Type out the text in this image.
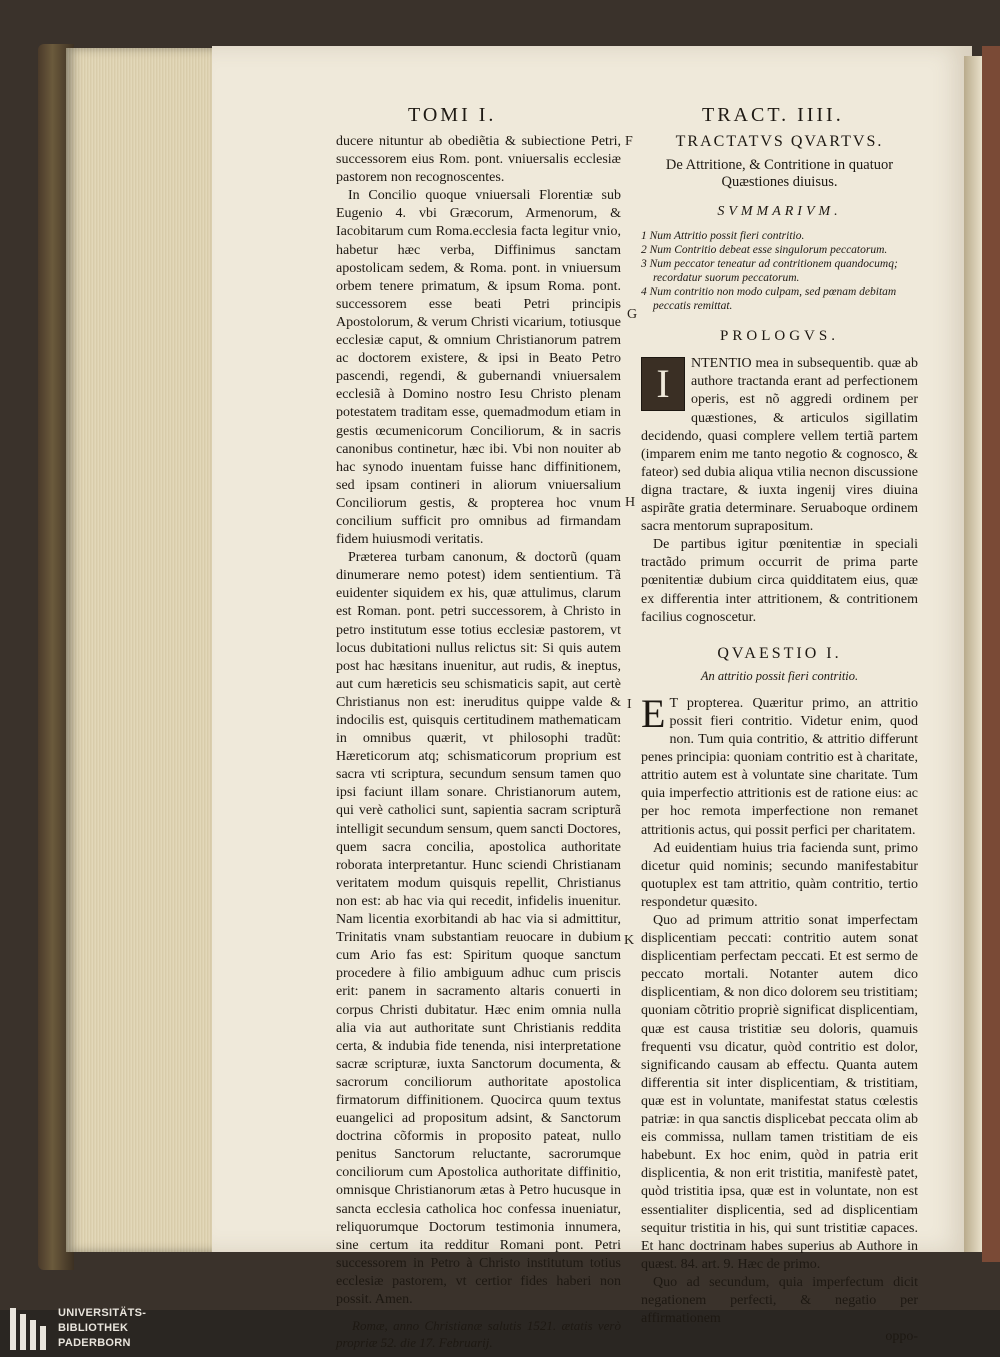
TOMI I.	TRACT. IIII.

ducere nituntur ab obediẽtia & subiectione Petri, successorem eius Rom. pont. vniuersalis ecclesiæ pastorem non recognoscentes.

In Concilio quoque vniuersali Florentiæ sub Eugenio 4. vbi Græcorum, Armenorum, & Iacobitarum cum Roma.ecclesia facta legitur vnio, habetur hæc verba, Diffinimus sanctam apostolicam sedem, & Roma. pont. in vniuersum orbem tenere primatum, & ipsum Roma. pont. successorem esse beati Petri principis Apostolorum, & verum Christi vicarium, totiusque ecclesiæ caput, & omnium Christianorum patrem ac doctorem existere, & ipsi in Beato Petro pascendi, regendi, & gubernandi vniuersalem ecclesiã à Domino nostro Iesu Christo plenam potestatem traditam esse, quemadmodum etiam in gestis œcumenicorum Conciliorum, & in sacris canonibus continetur, hæc ibi. Vbi non nouiter ab hac synodo inuentam fuisse hanc diffinitionem, sed ipsam contineri in aliorum vniuersalium Conciliorum gestis, & propterea hoc vnum concilium sufficit pro omnibus ad firmandam fidem huiusmodi veritatis.

Præterea turbam canonum, & doctorũ (quam dinumerare nemo potest) idem sentientium. Tã euidenter siquidem ex his, quæ attulimus, clarum est Roman. pont. petri successorem, à Christo in petro institutum esse totius ecclesiæ pastorem, vt locus dubitationi nullus relictus sit: Si quis autem post hac hæsitans inuenitur, aut rudis, & ineptus, aut cum hæreticis seu schismaticis sapit, aut certè Christianus non est: ineruditus quippe valde & indocilis est, quisquis certitudinem mathematicam in omnibus quærit, vt philosophi tradũt: Hæreticorum atq; schismaticorum proprium est sacra vti scriptura, secundum sensum tamen quo ipsi faciunt illam sonare. Christianorum autem, qui verè catholici sunt, sapientia sacram scripturã intelligit secundum sensum, quem sancti Doctores, quem sacra concilia, apostolica authoritate roborata interpretantur. Hunc sciendi Christianam veritatem modum quisquis repellit, Christianus non est: ab hac via qui recedit, infidelis inuenitur. Nam licentia exorbitandi ab hac via si admittitur, Trinitatis vnam substantiam reuocare in dubium cum Ario fas est: Spiritum quoque sanctum procedere à filio ambiguum adhuc cum priscis erit: panem in sacramento altaris conuerti in corpus Christi dubitatur. Hæc enim omnia nulla alia via aut authoritate sunt Christianis reddita certa, & indubia fide tenenda, nisi interpretatione sacræ scripturæ, iuxta Sanctorum documenta, & sacrorum conciliorum authoritate apostolica firmatorum diffinitionem. Quocirca quum textus euangelici ad propositum adsint, & Sanctorum doctrina cõformis in proposito pateat, nullo penitus Sanctorum reluctante, sacrorumque conciliorum cum Apostolica authoritate diffinitio, omnisque Christianorum ætas à Petro hucusque in sancta ecclesia catholica hoc confessa inueniatur, reliquorumque Doctorum testimonia innumera, sine certum ita redditur Romani pont. Petri successorem in Petro à Christo institutum totius ecclesiæ pastorem, vt certior fides haberi non possit. Amen.

Romæ, anno Christianæ salutis 1521. ætatis verò propriæ 52. die 17. Februarij.

F
G
H
I
K

TRACTATVS QVARTVS.

De Attritione, & Contritione in quatuor Quæstiones diuisus.

SVMMARIVM.

1 Num Attritio possit fieri contritio.

2 Num Contritio debeat esse singulorum peccatorum.

3 Num peccator teneatur ad contritionem quandocumq; recordatur suorum peccatorum.

4 Num contritio non modo culpam, sed pœnam debitam peccatis remittat.

PROLOGVS.

I	NTENTIO mea in subsequentib. quæ ab authore tractanda erant ad perfectionem operis, est nõ aggredi ordinem per quæstiones, & articulos sigillatim decidendo, quasi complere vellem tertiã partem (imparem enim me tanto negotio & cognosco, & fateor) sed dubia aliqua vtilia necnon discussione digna tractare, & iuxta ingenij vires diuina aspirãte gratia determinare. Seruaboque ordinem sacra mentorum suprapositum.

De partibus igitur pœnitentiæ in speciali tractãdo primum occurrit de prima parte pœnitentiæ dubium circa quidditatem eius, quæ ex differentia inter attritionem, & contritionem facilius cognoscetur.

QVAESTIO I.

An attritio possit fieri contritio.

E T propterea. Quæritur primo, an attritio possit fieri contritio. Videtur enim, quod non. Tum quia contritio, & attritio differunt penes principia: quoniam contritio est à charitate, attritio autem est à voluntate sine charitate. Tum quia imperfectio attritionis est de ratione eius: ac per hoc remota imperfectione non remanet attritionis actus, qui possit perfici per charitatem.

Ad euidentiam huius tria facienda sunt, primo dicetur quid nominis; secundo manifestabitur quotuplex est tam attritio, quàm contritio, tertio respondetur quæsito.

Quo ad primum attritio sonat imperfectam displicentiam peccati: contritio autem sonat displicentiam perfectam peccati. Et est sermo de peccato mortali. Notanter autem dico displicentiam, & non dico dolorem seu tristitiam; quoniam cõtritio propriè significat displicentiam, quæ est causa tristitiæ seu doloris, quamuis frequenti vsu dicatur, quòd contritio est dolor, significando causam ab effectu. Quanta autem differentia sit inter displicentiam, & tristitiam, quæ est in voluntate, manifestat status cœlestis patriæ: in qua sanctis displicebat peccata olim ab eis commissa, nullam tamen tristitiam de eis habebunt. Ex hoc enim, quòd in patria erit displicentia, & non erit tristitia, manifestè patet, quòd tristitia ipsa, quæ est in voluntate, non est essentialiter displicentia, sed ad displicentiam sequitur tristitia in his, qui sunt tristitiæ capaces. Et hanc doctrinam habes superius ab Authore in quæst. 84. art. 9. Hæc de primo.

Quo ad secundum, quia imperfectum dicit negationem perfecti, & negatio per affirmationem

oppo-

UNIVERSITÄTS-
BIBLIOTHEK
PADERBORN
